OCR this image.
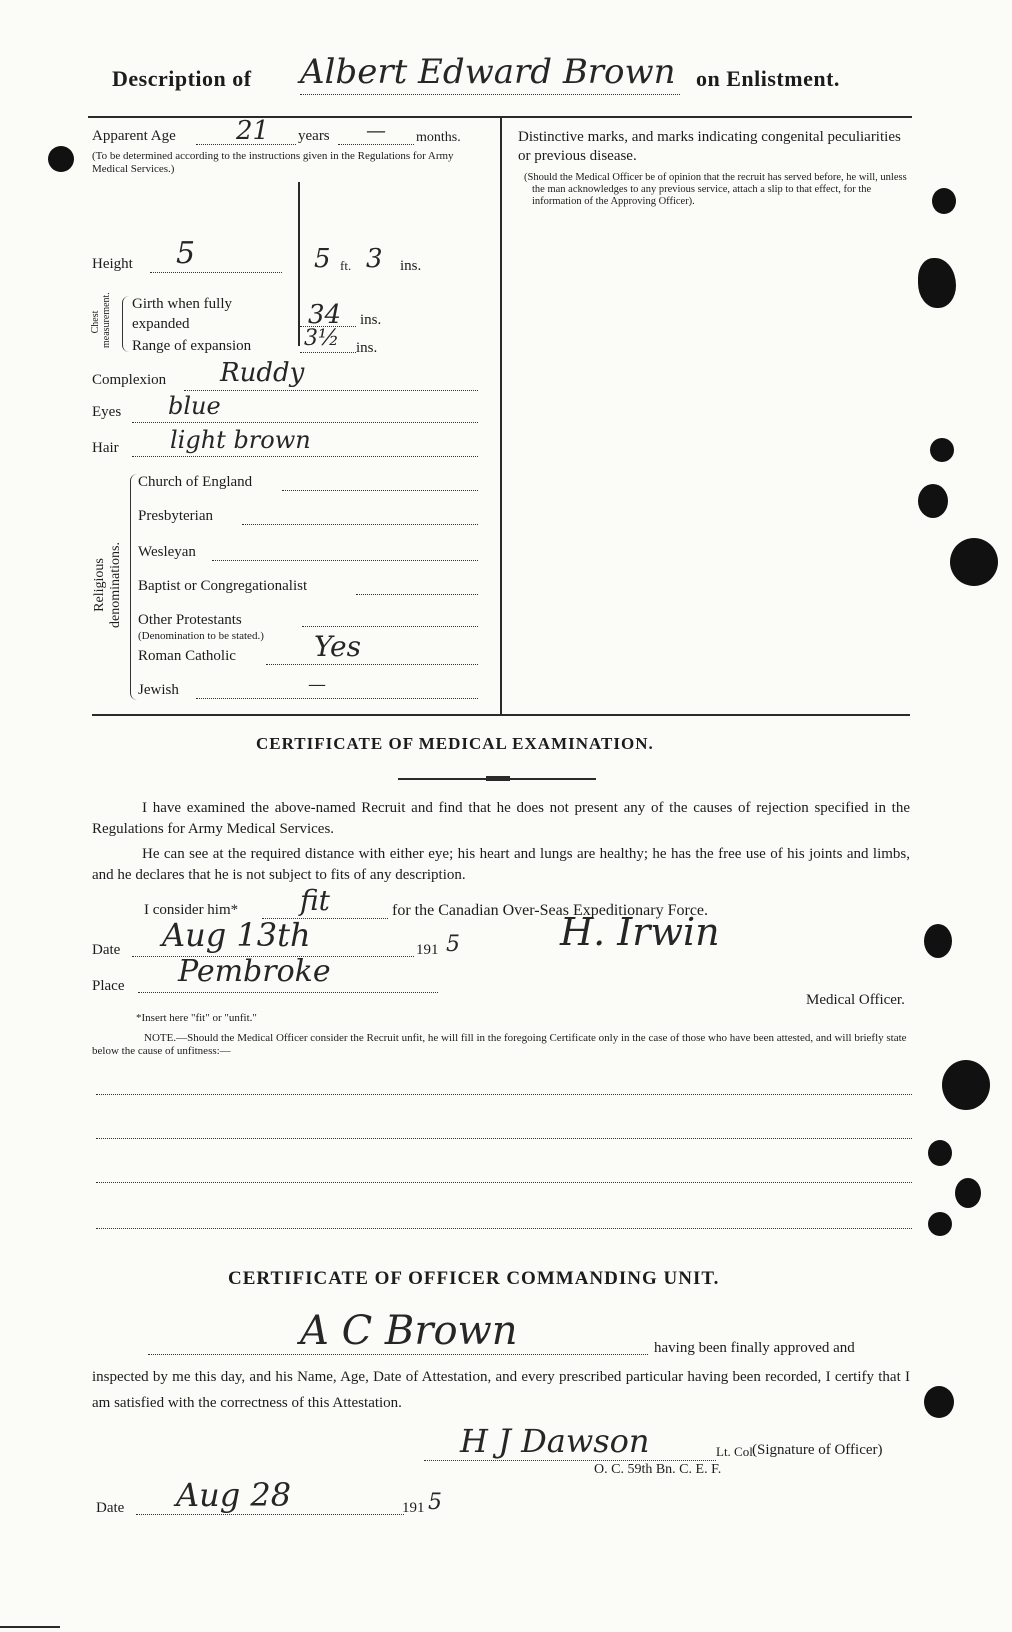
Description of Albert Edward Brown on Enlistment.
Apparent Age 21 years — months.
(To be determined according to the instructions given in the Regulations for Army Medical Services.)
Height 5	5 ft. 3 ins.
Chest measurement. Girth when fully expanded	34 ins.
Range of expansion 3½ ins.
Complexion Ruddy
Eyes blue
Hair light brown
Religious denominations.
Church of England
Presbyterian
Wesleyan
Baptist or Congregationalist
Other Protestants
(Denomination to be stated.)
Roman Catholic	Yes
Jewish	—
Distinctive marks, and marks indicating congenital peculiarities or previous disease.
(Should the Medical Officer be of opinion that the recruit has served before, he will, unless the man acknowledges to any previous service, attach a slip to that effect, for the information of the Approving Officer).
CERTIFICATE OF MEDICAL EXAMINATION.
I have examined the above-named Recruit and find that he does not present any of the causes of rejection specified in the Regulations for Army Medical Services.
He can see at the required distance with either eye; his heart and lungs are healthy; he has the free use of his joints and limbs, and he declares that he is not subject to fits of any description.
I consider him* fit	for the Canadian Over-Seas Expeditionary Force.
Date Aug 13th	191 5	H. Irwin
Place Pembroke
Medical Officer.
*Insert here "fit" or "unfit."
NOTE.—Should the Medical Officer consider the Recruit unfit, he will fill in the foregoing Certificate only in the case of those who have been attested, and will briefly state below the cause of unfitness:—
CERTIFICATE OF OFFICER COMMANDING UNIT.
A C Brown	having been finally approved and
inspected by me this day, and his Name, Age, Date of Attestation, and every prescribed particular having been recorded, I certify that I am satisfied with the correctness of this Attestation.
H J Dawson	Lt. Col.
(Signature of Officer)
O. C. 59th Bn. C. E. F.
Date Aug 28	191 5
